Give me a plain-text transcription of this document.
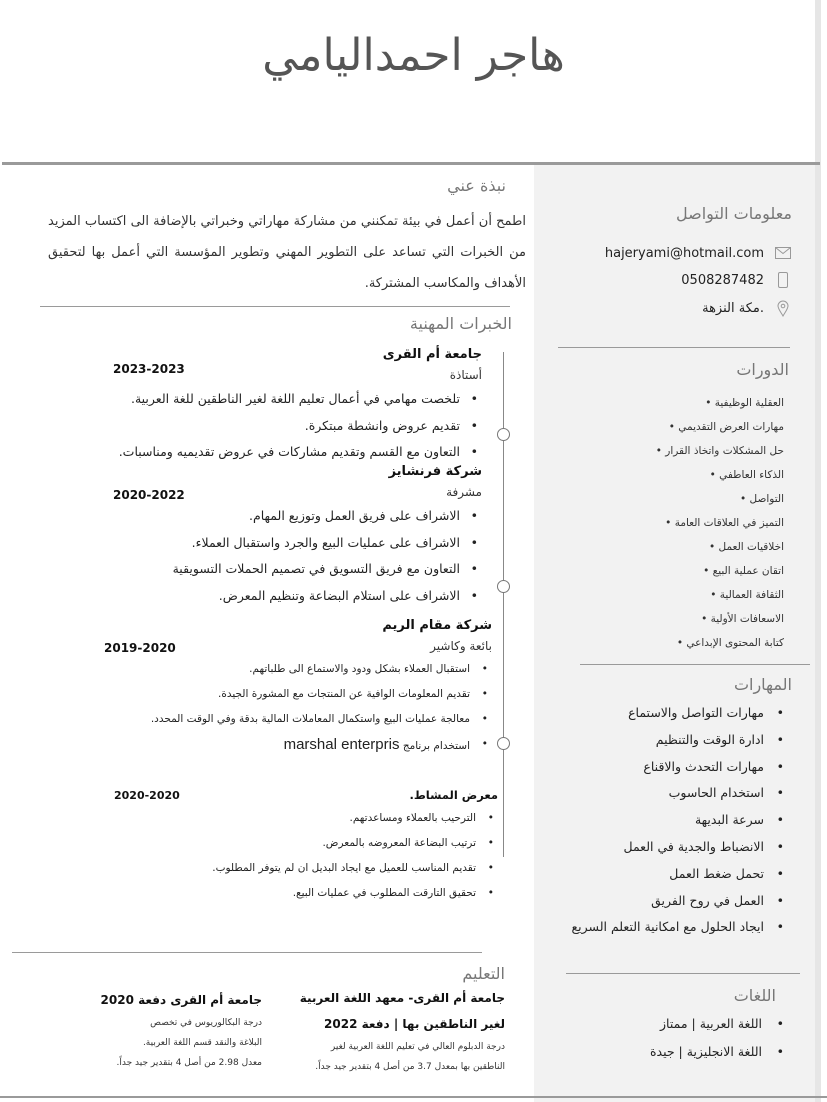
هاجر احمداليامي
نبذة عني
اطمح أن أعمل في بيئة تمكنني من مشاركة مهاراتي وخبراتي بالإضافة الى اكتساب المزيد من الخبرات التي تساعد على التطوير المهني وتطوير المؤسسة التي أعمل بها لتحقيق الأهداف والمكاسب المشتركة.
معلومات التواصل
hajeryami@hotmail.com
0508287482
مكة النزهة.
الدورات
العقلية الوظيفية •
مهارات العرض التقديمي •
حل المشكلات واتخاذ القرار •
الذكاء العاطفي •
التواصل •
التميز في العلاقات العامة •
اخلاقيات العمل •
اتقان عملية البيع •
الثقافة العمالية •
الاسعافات الأولية •
كتابة المحتوى الإبداعي •
المهارات
• مهارات التواصل والاستماع
• ادارة الوقت والتنظيم
• مهارات التحدث والاقناع
• استخدام الحاسوب
• سرعة البديهة
• الانضباط والجدية في العمل
• تحمل ضغط العمل
• العمل في روح الفريق
• ايجاد الحلول مع امكانية التعلم السريع
اللغات
• اللغة العربية | ممتاز
• اللغة الانجليزية | جيدة
الخبرات المهنية
جامعة أم القرى
أستاذة
• تلخصت مهامي في أعمال تعليم اللغة لغير الناطقين للغة العربية.
• تقديم عروض وانشطة مبتكرة.
• التعاون مع القسم وتقديم مشاركات في عروض تقديميه ومناسبات.
2023-2023
شركة فرنشايز
مشرفة
• الاشراف على فريق العمل وتوزيع المهام.
• الاشراف على عمليات البيع والجرد واستقبال العملاء.
• التعاون مع فريق التسويق في تصميم الحملات التسويقية
• الاشراف على استلام البضاعة وتنظيم المعرض.
2020-2022
شركة مقام الريم
بائعة وكاشير
• استقبال العملاء بشكل ودود والاستماع الى طلباتهم.
• تقديم المعلومات الوافية عن المنتجات مع المشورة الجيدة.
• معالجة عمليات البيع واستكمال المعاملات المالية بدقة وفي الوقت المحدد.
• استخدام برنامج marshal enterpris
2019-2020
معرض المشاط.
• الترحيب بالعملاء ومساعدتهم.
• ترتيب البضاعة المعروضه بالمعرض.
• تقديم المناسب للعميل مع ايجاد البديل ان لم يتوفر المطلوب.
• تحقيق التارقت المطلوب في عمليات البيع.
2020-2020
التعليم
جامعة أم القرى- معهد اللغة العربية
لغير الناطقين بها | دفعة 2022
درجة الدبلوم العالي في تعليم اللغة العربية لغير
الناطقين بها بمعدل 3.7 من أصل 4 بتقدير جيد جداً.
جامعة أم القرى دفعة 2020
درجة البكالوريوس في تخصص
البلاغة والنقد قسم اللغة العربية.
معدل 2.98 من أصل 4 بتقدير جيد جداً.
